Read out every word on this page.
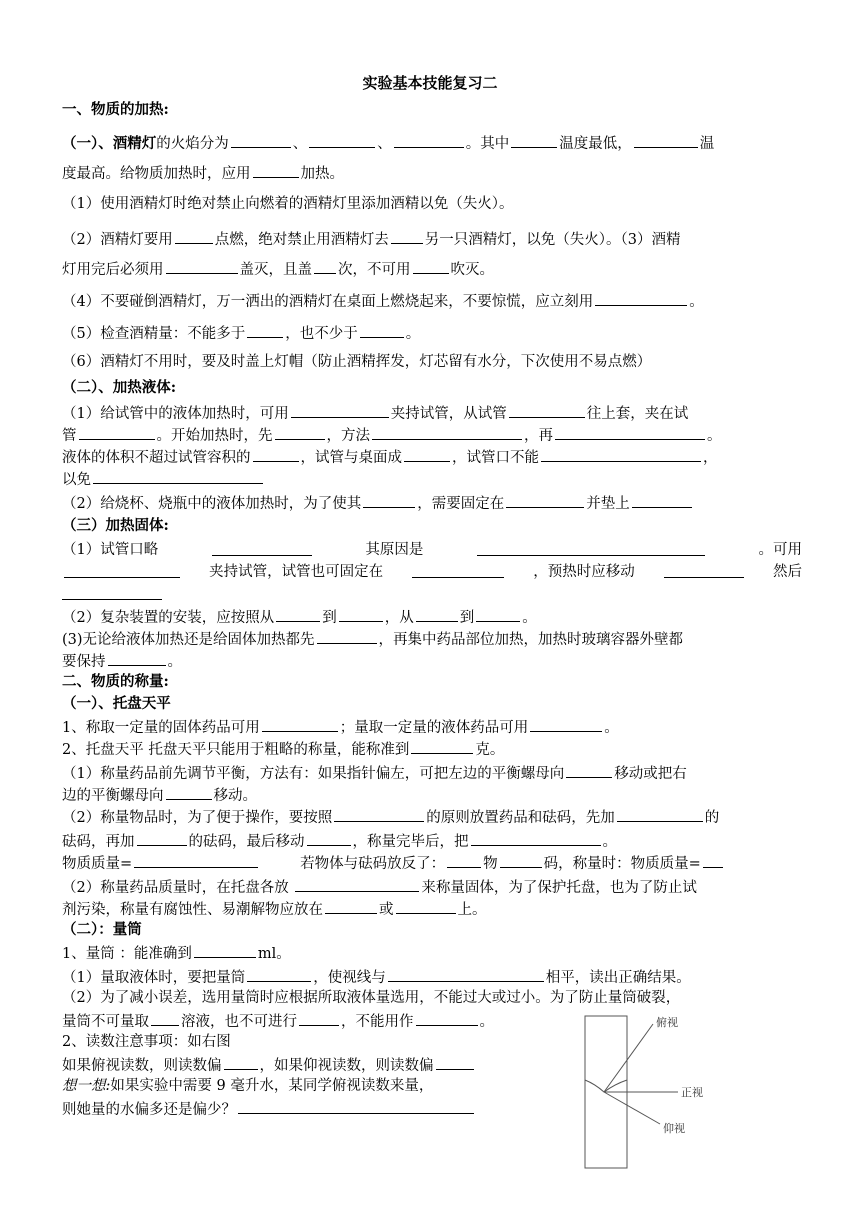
实验基本技能复习二
一、物质的加热:
（一）、酒精灯的火焰分为	、	、	。其中	温度最低，	温
度最高。给物质加热时，应用	加热。
（1）使用酒精灯时绝对禁止向燃着的酒精灯里添加酒精以免（失火）。
（2）酒精灯要用	点燃，绝对禁止用酒精灯去 另一只酒精灯，以免（失火）。（3）酒精
灯用完后必须用	盖灭，且盖 次，不可用	吹灭。
（4）不要碰倒酒精灯，万一洒出的酒精灯在桌面上燃烧起来，不要惊慌，应立刻用	。
（5）检查酒精量：不能多于	，也不少于	。
（6）酒精灯不用时，要及时盖上灯帽（防止酒精挥发，灯芯留有水分，下次使用不易点燃）
（二）、加热液体:
（1）给试管中的液体加热时，可用	夹持试管，从试管	往上套，夹在试
管	。开始加热时，先	，方法	，再	。
液体的体积不超过试管容积的	，试管与桌面成	，试管口不能	，
以免
（2）给烧杯、烧瓶中的液体加热时，为了使其	，需要固定在	并垫上
（三）加热固体:
（1）试管口略	其原因是	。可用
夹持试管，试管也可固定在	，预热时应移动	然后
（2）复杂装置的安装，应按照从	到	，从	到	。
(3)无论给液体加热还是给固体加热都先	，再集中药品部位加热，加热时玻璃容器外壁都
要保持	。
二、物质的称量:
（一）、托盘天平
1、称取一定量的固体药品可用	；量取一定量的液体药品可用	。
2、托盘天平 托盘天平只能用于粗略的称量，能称准到	克。
（1）称量药品前先调节平衡，方法有：如果指针偏左，可把左边的平衡螺母向	移动或把右
边的平衡螺母向	移动。
（2）称量物品时，为了便于操作，要按照	的原则放置药品和砝码，先加	的
砝码，再加	的砝码，最后移动	，称量完毕后，把	。
物质质量=	若物体与砝码放反了：	物	码，称量时：物质质量=
（2）称量药品质量时，在托盘各放	来称量固体，为了保护托盘，也为了防止试
剂污染，称量有腐蚀性、易潮解物应放在	或	上。
（二）：量筒
1、量筒 ：能准确到	ml。
（1）量取液体时，要把量筒	，使视线与	相平，读出正确结果。
（2）为了减小误差，选用量筒时应根据所取液体量选用，不能过大或过小。为了防止量筒破裂，
量筒不可量取 溶液，也不可进行	，不能用作	。
2、读数注意事项：如右图
如果俯视读数，则读数偏	，如果仰视读数，则读数偏
想一想:如果实验中需要 9 毫升水，某同学俯视读数来量，
则她量的水偏多还是偏少？
俯视
正视
仰视
